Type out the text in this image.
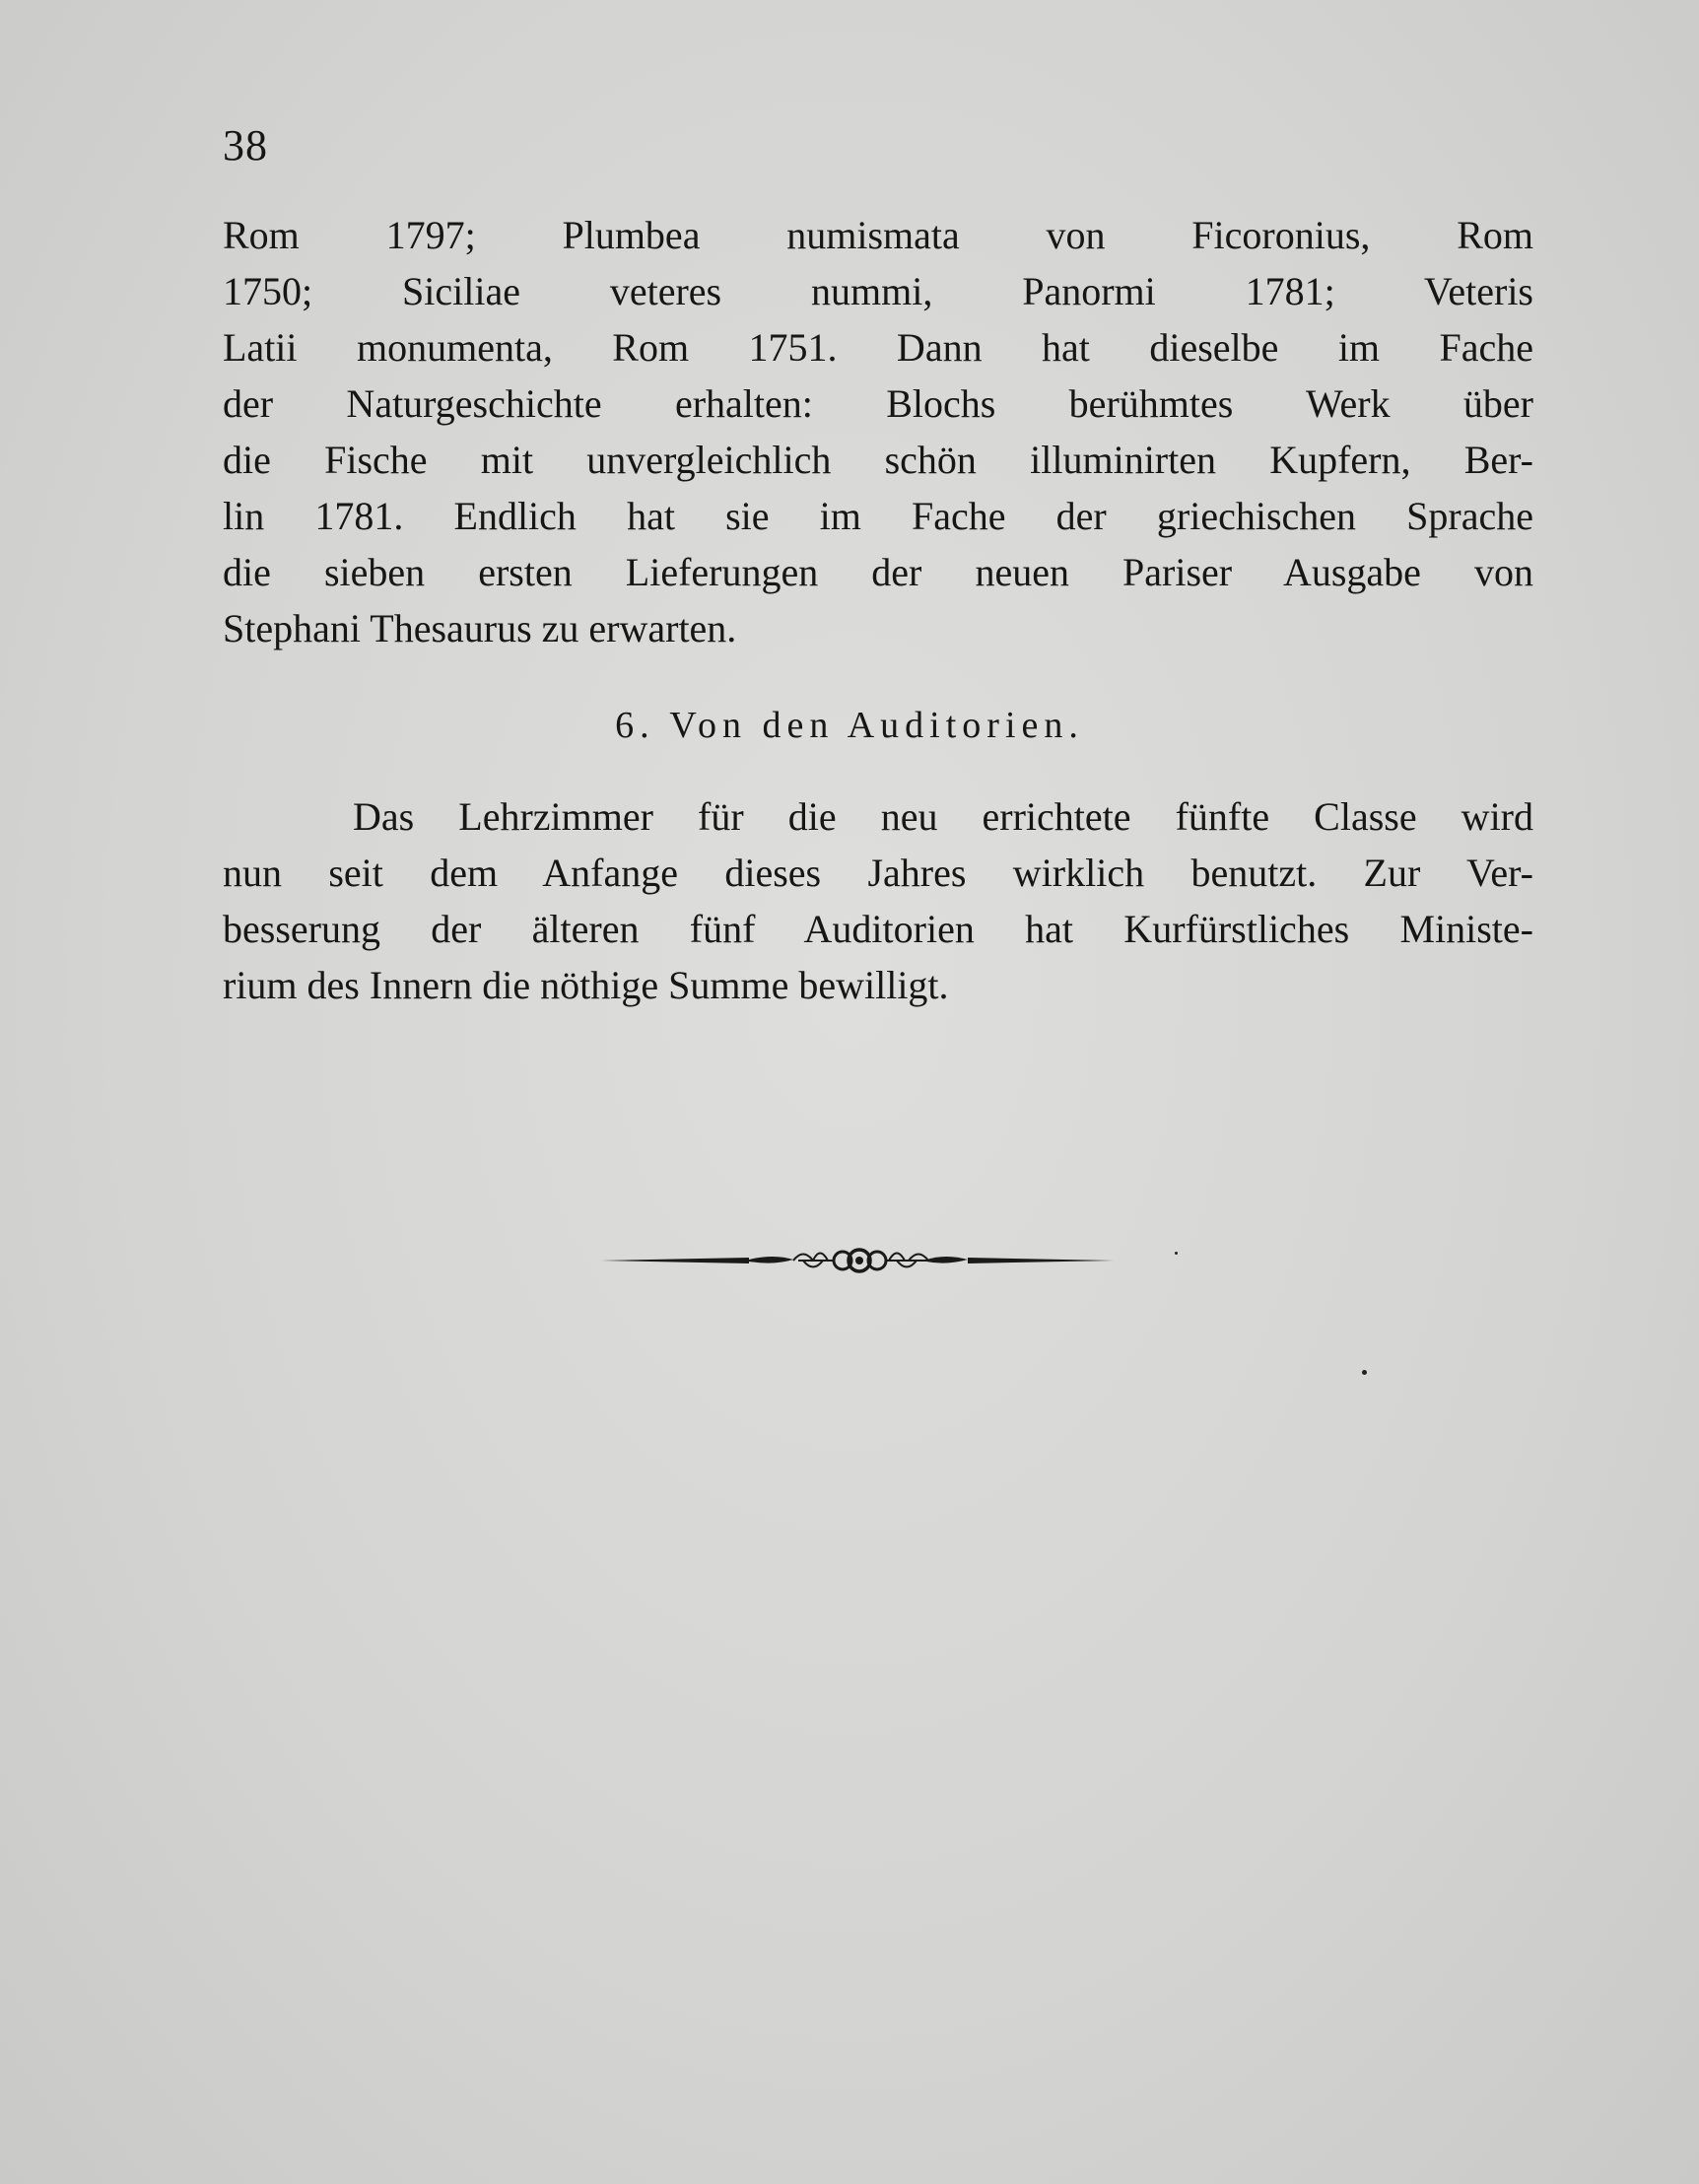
38
Rom 1797; Plumbea numismata von Ficoronius, Rom
1750; Siciliae veteres nummi, Panormi 1781; Veteris
Latii monumenta, Rom 1751. Dann hat dieselbe im Fache
der Naturgeschichte erhalten: Blochs berühmtes Werk über
die Fische mit unvergleichlich schön illuminirten Kupfern, Ber-
lin 1781. Endlich hat sie im Fache der griechischen Sprache
die sieben ersten Lieferungen der neuen Pariser Ausgabe von
Stephani Thesaurus zu erwarten.
6. Von den Auditorien.
Das Lehrzimmer für die neu errichtete fünfte Classe wird
nun seit dem Anfange dieses Jahres wirklich benutzt. Zur Ver-
besserung der älteren fünf Auditorien hat Kurfürstliches Ministe-
rium des Innern die nöthige Summe bewilligt.
